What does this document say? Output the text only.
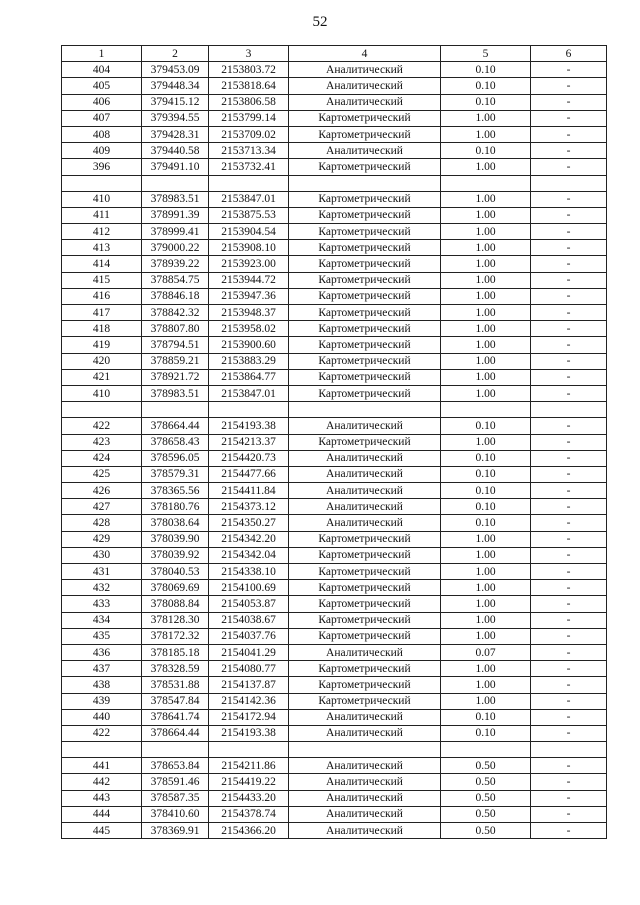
52
1	2	3	4	5	6
404	379453.09	2153803.72	Аналитический	0.10	-
405	379448.34	2153818.64	Аналитический	0.10	-
406	379415.12	2153806.58	Аналитический	0.10	-
407	379394.55	2153799.14	Картометрический	1.00	-
408	379428.31	2153709.02	Картометрический	1.00	-
409	379440.58	2153713.34	Аналитический	0.10	-
396	379491.10	2153732.41	Картометрический	1.00	-

410	378983.51	2153847.01	Картометрический	1.00	-
411	378991.39	2153875.53	Картометрический	1.00	-
412	378999.41	2153904.54	Картометрический	1.00	-
413	379000.22	2153908.10	Картометрический	1.00	-
414	378939.22	2153923.00	Картометрический	1.00	-
415	378854.75	2153944.72	Картометрический	1.00	-
416	378846.18	2153947.36	Картометрический	1.00	-
417	378842.32	2153948.37	Картометрический	1.00	-
418	378807.80	2153958.02	Картометрический	1.00	-
419	378794.51	2153900.60	Картометрический	1.00	-
420	378859.21	2153883.29	Картометрический	1.00	-
421	378921.72	2153864.77	Картометрический	1.00	-
410	378983.51	2153847.01	Картометрический	1.00	-

422	378664.44	2154193.38	Аналитический	0.10	-
423	378658.43	2154213.37	Картометрический	1.00	-
424	378596.05	2154420.73	Аналитический	0.10	-
425	378579.31	2154477.66	Аналитический	0.10	-
426	378365.56	2154411.84	Аналитический	0.10	-
427	378180.76	2154373.12	Аналитический	0.10	-
428	378038.64	2154350.27	Аналитический	0.10	-
429	378039.90	2154342.20	Картометрический	1.00	-
430	378039.92	2154342.04	Картометрический	1.00	-
431	378040.53	2154338.10	Картометрический	1.00	-
432	378069.69	2154100.69	Картометрический	1.00	-
433	378088.84	2154053.87	Картометрический	1.00	-
434	378128.30	2154038.67	Картометрический	1.00	-
435	378172.32	2154037.76	Картометрический	1.00	-
436	378185.18	2154041.29	Аналитический	0.07	-
437	378328.59	2154080.77	Картометрический	1.00	-
438	378531.88	2154137.87	Картометрический	1.00	-
439	378547.84	2154142.36	Картометрический	1.00	-
440	378641.74	2154172.94	Аналитический	0.10	-
422	378664.44	2154193.38	Аналитический	0.10	-

441	378653.84	2154211.86	Аналитический	0.50	-
442	378591.46	2154419.22	Аналитический	0.50	-
443	378587.35	2154433.20	Аналитический	0.50	-
444	378410.60	2154378.74	Аналитический	0.50	-
445	378369.91	2154366.20	Аналитический	0.50	-
